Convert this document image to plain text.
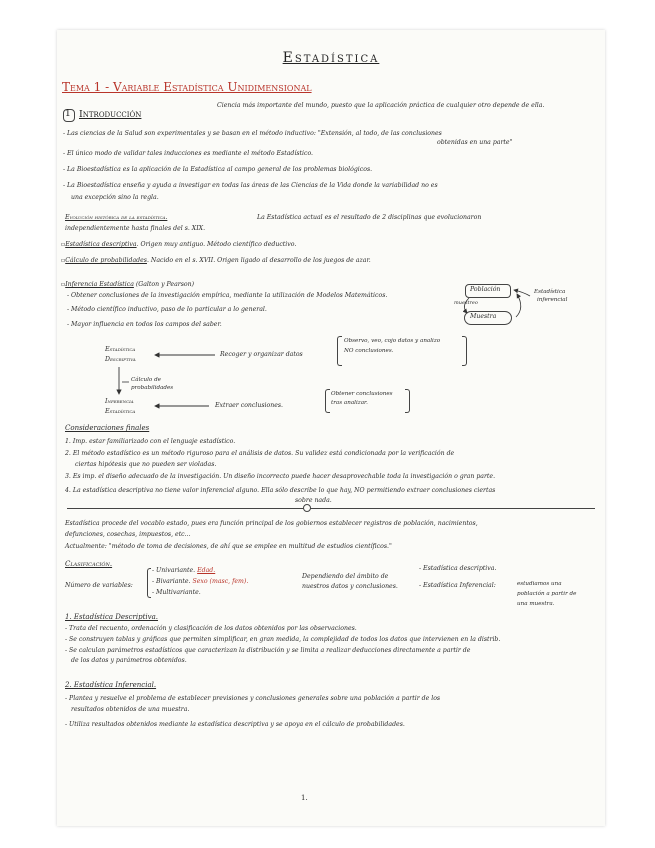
Estadística
Tema 1 - Variable Estadística Unidimensional
1 Introducción
Ciencia más importante del mundo, puesto que la aplicación práctica de cualquier otro depende de ella.
- Las ciencias de la Salud son experimentales y se basan en el método inductivo: "Extensión, al todo, de las conclusiones
obtenidas en una parte"
- El único modo de validar tales inducciones es mediante el método Estadístico.
- La Bioestadística es la aplicación de la Estadística al campo general de los problemas biológicos.
- La Bioestadística enseña y ayuda a investigar en todas las áreas de las Ciencias de la Vida donde la variabilidad no es
una excepción sino la regla.
Evolución histórica de la estadística.	La Estadística actual es el resultado de 2 disciplinas que evolucionaron
independientemente hasta finales del s. XIX.
▫Estadística descriptiva. Origen muy antiguo. Método científico deductivo.
▫Cálculo de probabilidades. Nacido en el s. XVII. Origen ligado al desarrollo de los juegos de azar.
▫Inferencia Estadística (Galton y Pearson)
- Obtener conclusiones de la investigación empírica, mediante la utilización de Modelos Matemáticos.
- Método científico inductivo, paso de lo particular a lo general.
- Mayor influencia en todos los campos del saber.
Población
muestreo
Muestra
Estadística
inferencial
Estadística
Descriptiva
Recoger y organizar datos
Observo, veo, cojo datos y analizo
NO conclusiones.
Cálculo de
probabilidades
Inferencia
Estadística
Extraer conclusiones.
Obtener conclusiones
tras analizar.
Consideraciones finales
1. Imp. estar familiarizado con el lenguaje estadístico.
2. El método estadístico es un método riguroso para el análisis de datos. Su validez está condicionada por la verificación de
ciertas hipótesis que no pueden ser violadas.
3. Es imp. el diseño adecuado de la investigación. Un diseño incorrecto puede hacer desaprovechable toda la investigación o gran parte.
4. La estadística descriptiva no tiene valor inferencial alguno. Ella sólo describe lo que hay, NO permitiendo extraer conclusiones ciertas
sobre nada.
Estadística procede del vocablo estado, pues era función principal de los gobiernos establecer registros de población, nacimientos,
defunciones, cosechas, impuestos, etc...
Actualmente: "método de toma de decisiones, de ahí que se emplee en multitud de estudios científicos."
Clasificación.
Número de variables:
- Univariante. Edad.
- Bivariante. Sexo (masc, fem).
- Multivariante.
Dependiendo del ámbito de
nuestros datos y conclusiones.
- Estadística descriptiva.
- Estadística Inferencial:	estudiamos una
población a partir de
una muestra.
1. Estadística Descriptiva.
- Trata del recuento, ordenación y clasificación de los datos obtenidos por las observaciones.
- Se construyen tablas y gráficas que permiten simplificar, en gran medida, la complejidad de todos los datos que intervienen en la distrib.
- Se calculan parámetros estadísticos que caracterizan la distribución y se limita a realizar deducciones directamente a partir de
de los datos y parámetros obtenidos.
2. Estadística Inferencial.
- Plantea y resuelve el problema de establecer previsiones y conclusiones generales sobre una población a partir de los
resultados obtenidos de una muestra.
- Utiliza resultados obtenidos mediante la estadística descriptiva y se apoya en el cálculo de probabilidades.
1.
